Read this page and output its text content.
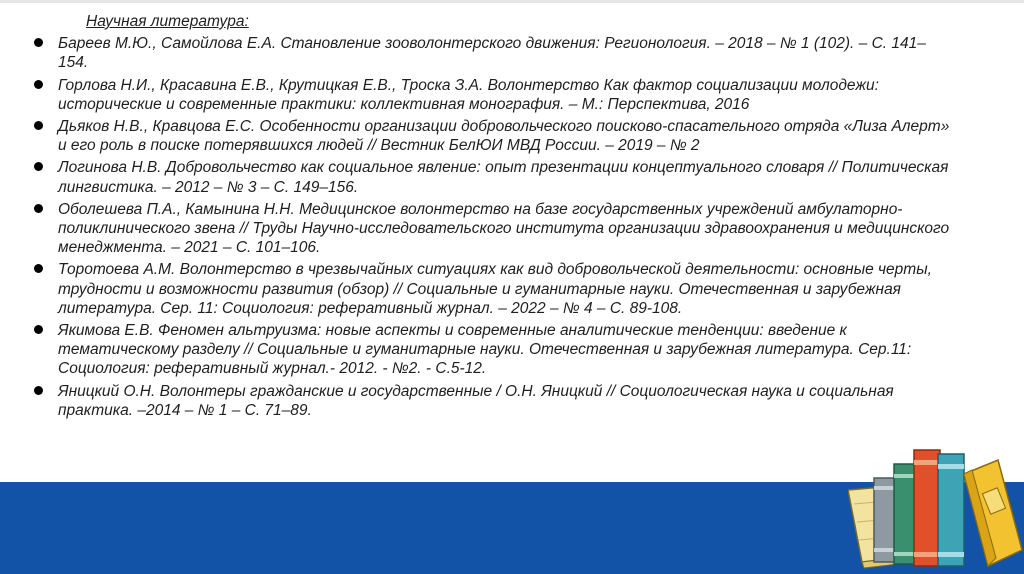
Научная литература:
Бареев М.Ю., Самойлова Е.А. Становление зооволонтерского движения: Регионология. – 2018 – № 1 (102). – С. 141–154.
Горлова Н.И., Красавина Е.В., Крутицкая Е.В., Троска З.А. Волонтерство Как фактор социализации молодежи: исторические и современные практики: коллективная монография. – М.: Перспектива, 2016
Дьяков Н.В., Кравцова Е.С. Особенности организации добровольческого поисково-спасательного отряда «Лиза Алерт» и его роль в поиске потерявшихся людей // Вестник БелЮИ МВД России. – 2019 – № 2
Логинова Н.В. Добровольчество как социальное явление: опыт презентации концептуального словаря // Политическая лингвистика. – 2012 – № 3 – С. 149–156.
Оболешева П.А., Камынина Н.Н. Медицинское волонтерство на базе государственных учреждений амбулаторно-поликлинического звена // Труды Научно-исследовательского института организации здравоохранения и медицинского менеджмента. – 2021 – С. 101–106.
Торотоева А.М. Волонтерство в чрезвычайных ситуациях как вид добровольческой деятельности: основные черты, трудности и возможности развития (обзор) // Социальные и гуманитарные науки. Отечественная и зарубежная литература. Сер. 11: Социология: реферативный журнал. – 2022 – № 4 – С. 89-108.
Якимова Е.В. Феномен альтруизма: новые аспекты и современные аналитические тенденции: введение к тематическому разделу // Социальные и гуманитарные науки. Отечественная и зарубежная литература. Сер.11: Социология: реферативный журнал.- 2012. - №2. - С.5-12.
Яницкий О.Н. Волонтеры гражданские и государственные / О.Н. Яницкий // Социологическая наука и социальная практика. –2014 – № 1 – С. 71–89.
